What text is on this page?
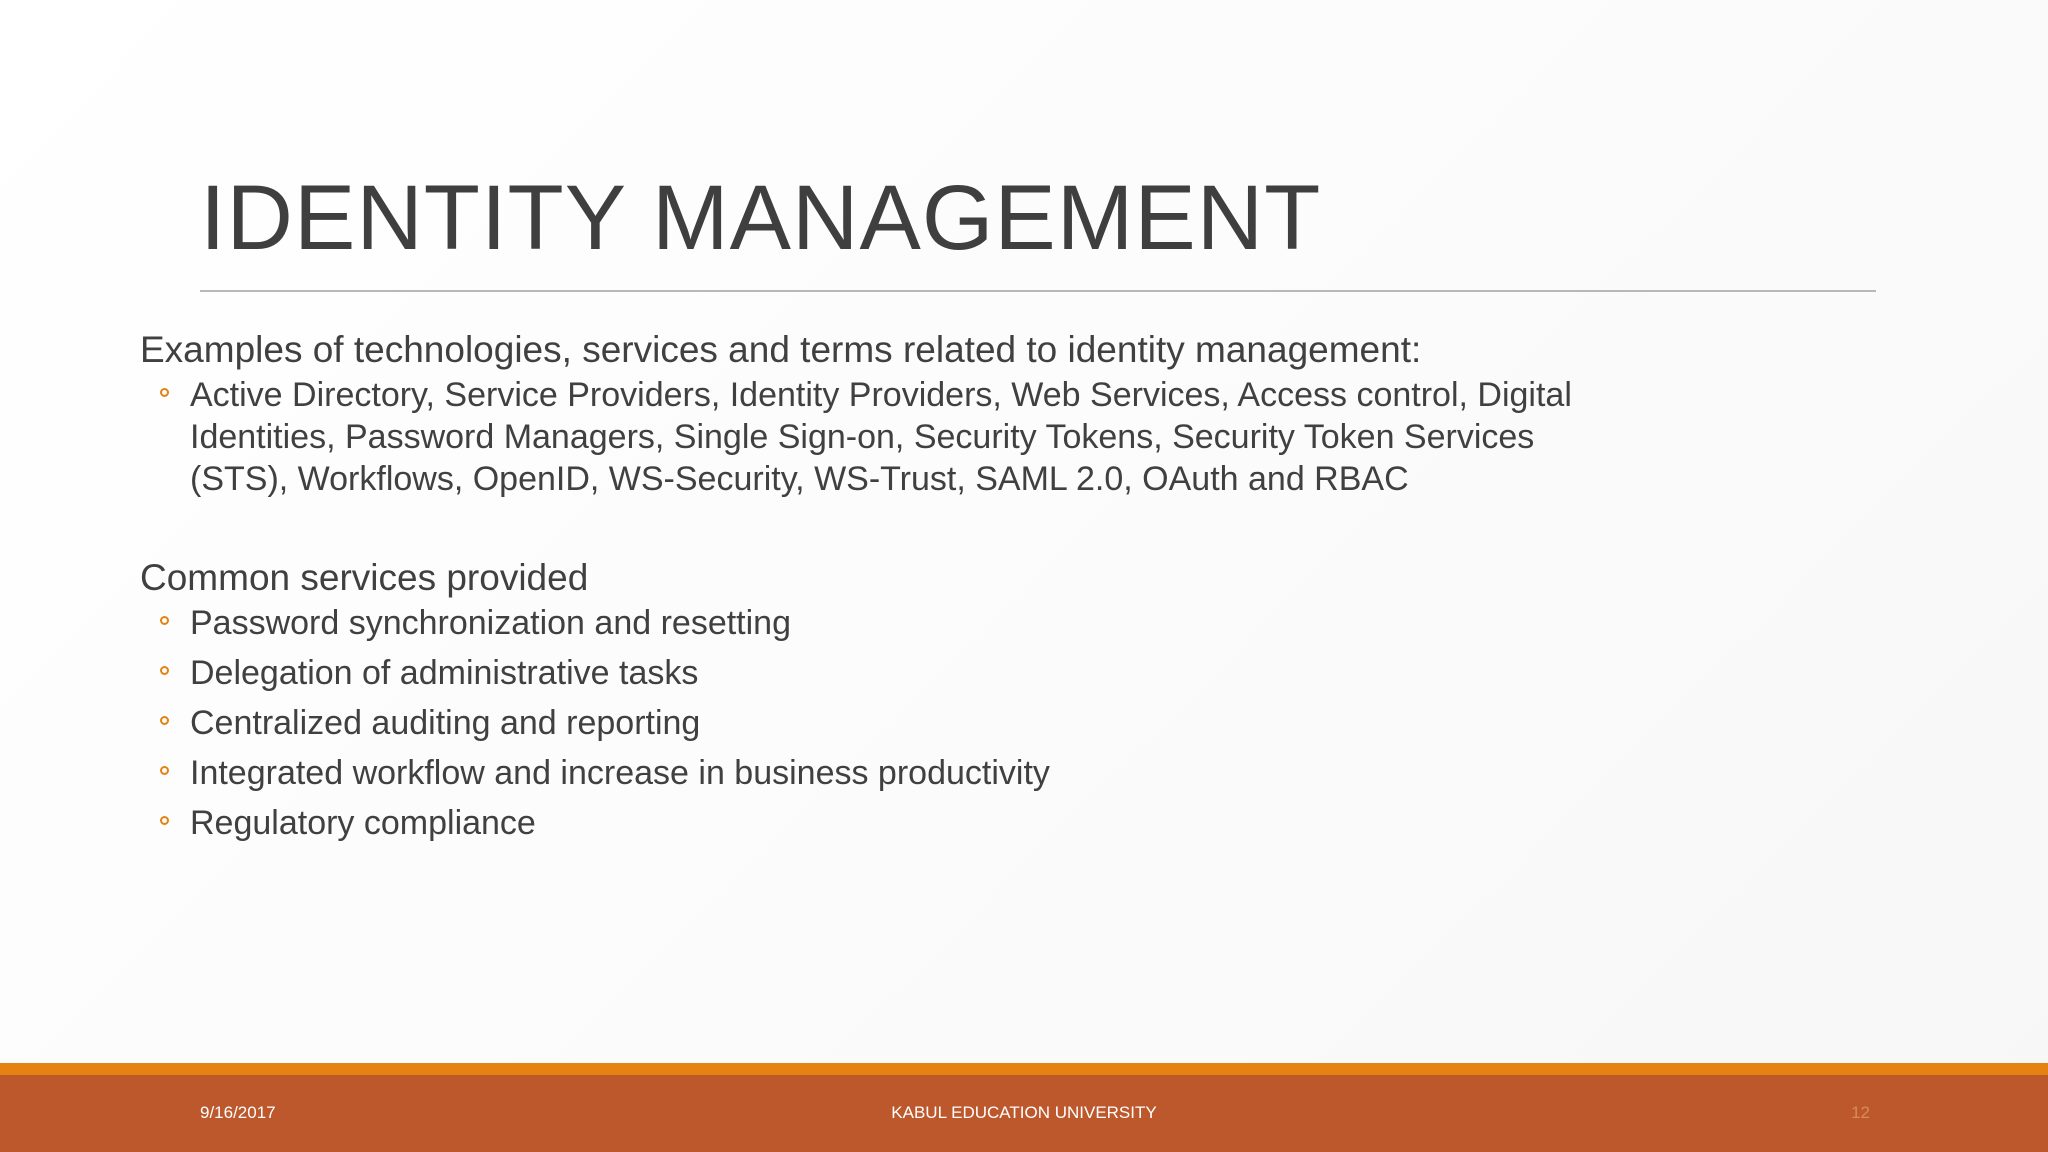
IDENTITY MANAGEMENT

Examples of technologies, services and terms related to identity management:

Active Directory, Service Providers, Identity Providers, Web Services, Access control, Digital Identities, Password Managers, Single Sign-on, Security Tokens, Security Token Services (STS), Workflows, OpenID, WS-Security, WS-Trust, SAML 2.0, OAuth and RBAC

Common services provided

Password synchronization and resetting
Delegation of administrative tasks
Centralized auditing and reporting
Integrated workflow and increase in business productivity
Regulatory compliance
9/16/2017	KABUL EDUCATION UNIVERSITY	12
